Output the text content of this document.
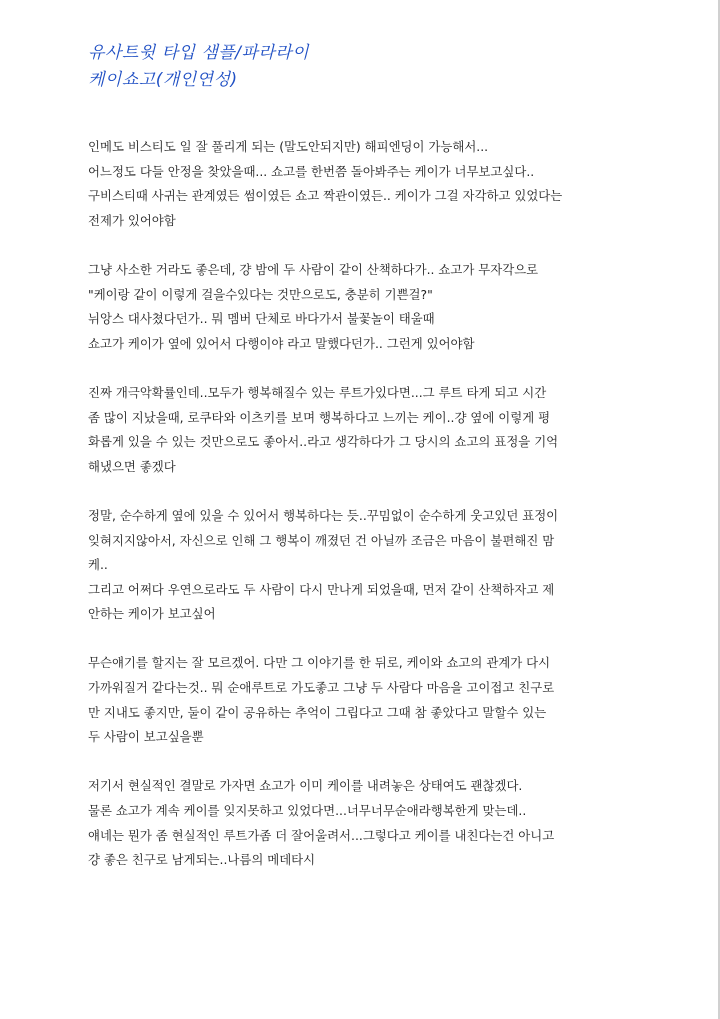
유사트윗 타입 샘플/파라라이
케이쇼고(개인연성)
인메도 비스티도 일 잘 풀리게 되는 (말도안되지만) 해피엔딩이 가능해서...
어느정도 다들 안정을 찾았을때... 쇼고를 한번쯤 돌아봐주는 케이가 너무보고싶다..
구비스티때 사귀는 관계였든 썸이였든 쇼고 짝관이였든.. 케이가 그걸 자각하고 있었다는
전제가 있어야함
그냥 사소한 거라도 좋은데, 걍 밤에 두 사람이 같이 산책하다가.. 쇼고가 무자각으로
"케이랑 같이 이렇게 걸을수있다는 것만으로도, 충분히 기쁜걸?"
뉘앙스 대사쳤다던가.. 뭐 멤버 단체로 바다가서 불꽃놀이 태울때
쇼고가 케이가 옆에 있어서 다행이야 라고 말했다던가.. 그런게 있어야함
진짜 개극악확률인데..모두가 행복해질수 있는 루트가있다면...그 루트 타게 되고 시간
좀 많이 지났을때, 로쿠타와 이츠키를 보며 행복하다고 느끼는 케이..걍 옆에 이렇게 평
화롭게 있을 수 있는 것만으로도 좋아서..라고 생각하다가 그 당시의 쇼고의 표정을 기억
해냈으면 좋겠다
정말, 순수하게 옆에 있을 수 있어서 행복하다는 듯..꾸밈없이 순수하게 웃고있던 표정이
잊혀지지않아서, 자신으로 인해 그 행복이 깨졌던 건 아닐까 조금은 마음이 불편해진 맘
케..
그리고 어쩌다 우연으로라도 두 사람이 다시 만나게 되었을때, 먼저 같이 산책하자고 제
안하는 케이가 보고싶어
무슨얘기를 할지는 잘 모르겠어. 다만 그 이야기를 한 뒤로, 케이와 쇼고의 관계가 다시
가까워질거 같다는것.. 뭐 순애루트로 가도좋고 그냥 두 사람다 마음을 고이접고 친구로
만 지내도 좋지만, 둘이 같이 공유하는 추억이 그립다고 그때 참 좋았다고 말할수 있는
두 사람이 보고싶을뿐
저기서 현실적인 결말로 가자면 쇼고가 이미 케이를 내려놓은 상태여도 괜찮겠다.
물론 쇼고가 계속 케이를 잊지못하고 있었다면...너무너무순애라행복한게 맞는데..
얘네는 뭔가 좀 현실적인 루트가좀 더 잘어울려서...그렇다고 케이를 내친다는건 아니고
걍 좋은 친구로 남게되는..나름의 메데타시
